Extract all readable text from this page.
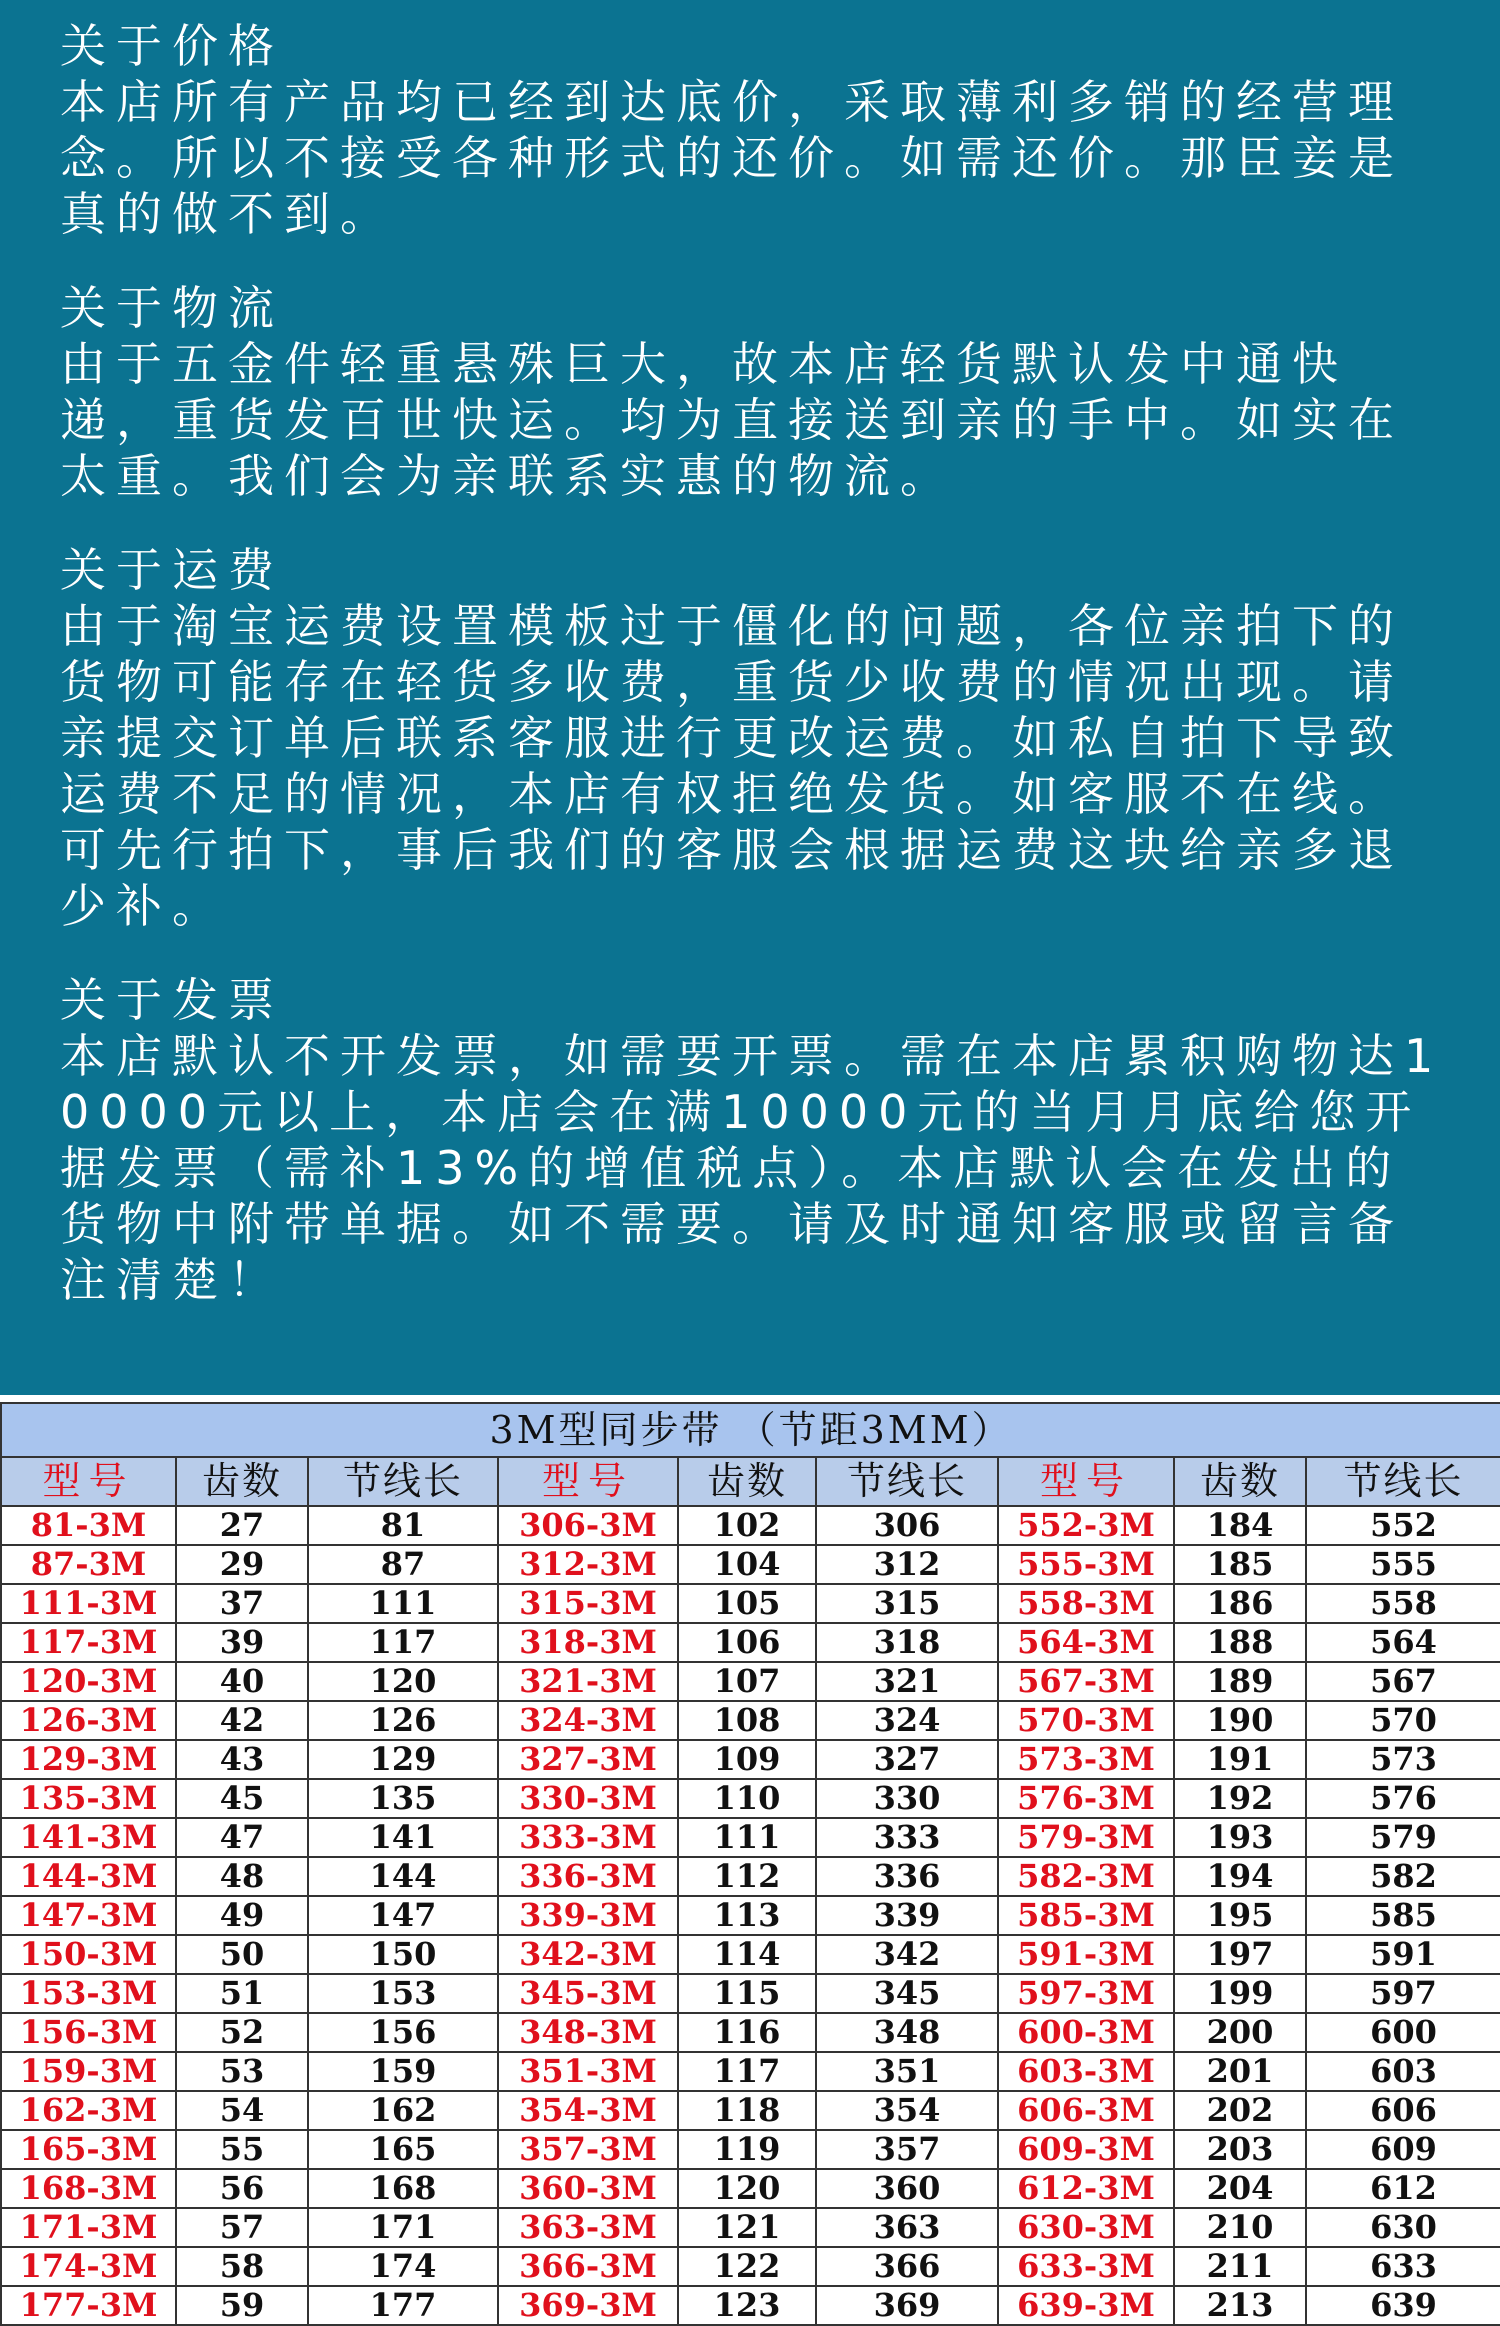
关于价格
本店所有产品均已经到达底价，采取薄利多销的经营理念。所以不接受各种形式的还价。如需还价。那臣妾是真的做不到。
关于物流
由于五金件轻重悬殊巨大，故本店轻货默认发中通快递，重货发百世快运。均为直接送到亲的手中。如实在太重。我们会为亲联系实惠的物流。
关于运费
由于淘宝运费设置模板过于僵化的问题，各位亲拍下的货物可能存在轻货多收费，重货少收费的情况出现。请亲提交订单后联系客服进行更改运费。如私自拍下导致运费不足的情况，本店有权拒绝发货。如客服不在线。可先行拍下，事后我们的客服会根据运费这块给亲多退少补。
关于发票
本店默认不开发票，如需要开票。需在本店累积购物达10000元以上，本店会在满10000元的当月月底给您开据发票（需补13%的增值税点）。本店默认会在发出的货物中附带单据。如不需要。请及时通知客服或留言备注清楚！
3M型同步带 （节距3MM）								
型号	齿数	节线长	型号	齿数	节线长	型号	齿数	节线长
81-3M	27	81	306-3M	102	306	552-3M	184	552
87-3M	29	87	312-3M	104	312	555-3M	185	555
111-3M	37	111	315-3M	105	315	558-3M	186	558
117-3M	39	117	318-3M	106	318	564-3M	188	564
120-3M	40	120	321-3M	107	321	567-3M	189	567
126-3M	42	126	324-3M	108	324	570-3M	190	570
129-3M	43	129	327-3M	109	327	573-3M	191	573
135-3M	45	135	330-3M	110	330	576-3M	192	576
141-3M	47	141	333-3M	111	333	579-3M	193	579
144-3M	48	144	336-3M	112	336	582-3M	194	582
147-3M	49	147	339-3M	113	339	585-3M	195	585
150-3M	50	150	342-3M	114	342	591-3M	197	591
153-3M	51	153	345-3M	115	345	597-3M	199	597
156-3M	52	156	348-3M	116	348	600-3M	200	600
159-3M	53	159	351-3M	117	351	603-3M	201	603
162-3M	54	162	354-3M	118	354	606-3M	202	606
165-3M	55	165	357-3M	119	357	609-3M	203	609
168-3M	56	168	360-3M	120	360	612-3M	204	612
171-3M	57	171	363-3M	121	363	630-3M	210	630
174-3M	58	174	366-3M	122	366	633-3M	211	633
177-3M	59	177	369-3M	123	369	639-3M	213	639
